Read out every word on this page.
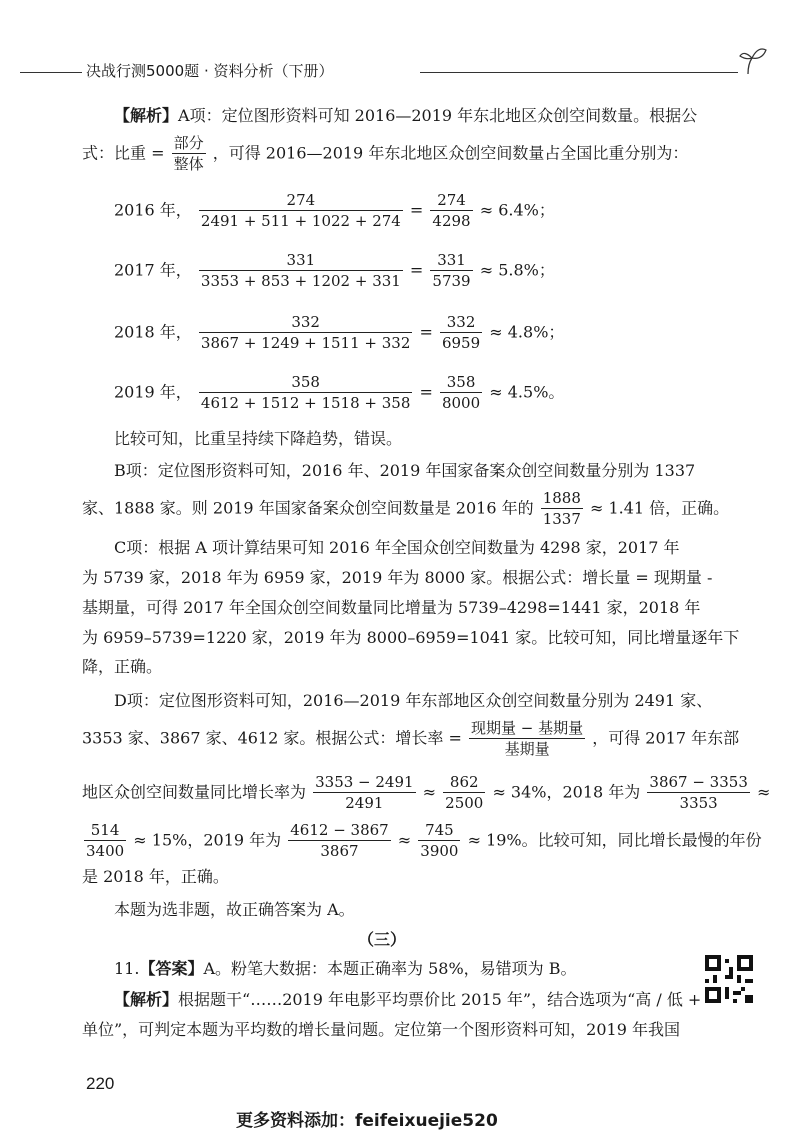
决战行测5000题 · 资料分析（下册）
【解析】A项：定位图形资料可知 2016—2019 年东北地区众创空间数量。根据公
式：比重 = $\frac{\text{部分}}{\text{整体}}$ ，可得 2016—2019 年东北地区众创空间数量占全国比重分别为：
2016 年， $\frac{274}{2491 + 511 + 1022 + 274} = \frac{274}{4298} \approx 6.4\%$；
2017 年， $\frac{331}{3353 + 853 + 1202 + 331} = \frac{331}{5739} \approx 5.8\%$；
2018 年， $\frac{332}{3867 + 1249 + 1511 + 332} = \frac{332}{6959} \approx 4.8\%$；
2019 年， $\frac{358}{4612 + 1512 + 1518 + 358} = \frac{358}{8000} \approx 4.5\%$。
比较可知，比重呈持续下降趋势，错误。
B项：定位图形资料可知，2016 年、2019 年国家备案众创空间数量分别为 1337
家、1888 家。则 2019 年国家备案众创空间数量是 2016 年的 $\frac{1888}{1337} \approx 1.41$ 倍，正确。
C项：根据 A 项计算结果可知 2016 年全国众创空间数量为 4298 家，2017 年
为 5739 家，2018 年为 6959 家，2019 年为 8000 家。根据公式：增长量 = 现期量 -
基期量，可得 2017 年全国众创空间数量同比增量为 5739–4298=1441 家，2018 年
为 6959–5739=1220 家，2019 年为 8000–6959=1041 家。比较可知，同比增量逐年下
降，正确。
D项：定位图形资料可知，2016—2019 年东部地区众创空间数量分别为 2491 家、
3353 家、3867 家、4612 家。根据公式：增长率 = $\frac{\text{现期量 − 基期量}}{\text{基期量}}$ ，可得 2017 年东部
地区众创空间数量同比增长率为 $\frac{3353 - 2491}{2491} \approx \frac{862}{2500} \approx 34\%$，2018 年为 $\frac{3867 - 3353}{3353}$ ≈
$\frac{514}{3400} \approx 15\%$，2019 年为 $\frac{4612 - 3867}{3867} \approx \frac{745}{3900} \approx 19\%$。比较可知，同比增长最慢的年份
是 2018 年，正确。
本题为选非题，故正确答案为 A。
（三）
11.【答案】A。粉笔大数据：本题正确率为 58%，易错项为 B。
【解析】根据题干“……2019 年电影平均票价比 2015 年”，结合选项为“高 / 低 +
单位”，可判定本题为平均数的增长量问题。定位第一个图形资料可知，2019 年我国
220
更多资料添加：feifeixuejie520
